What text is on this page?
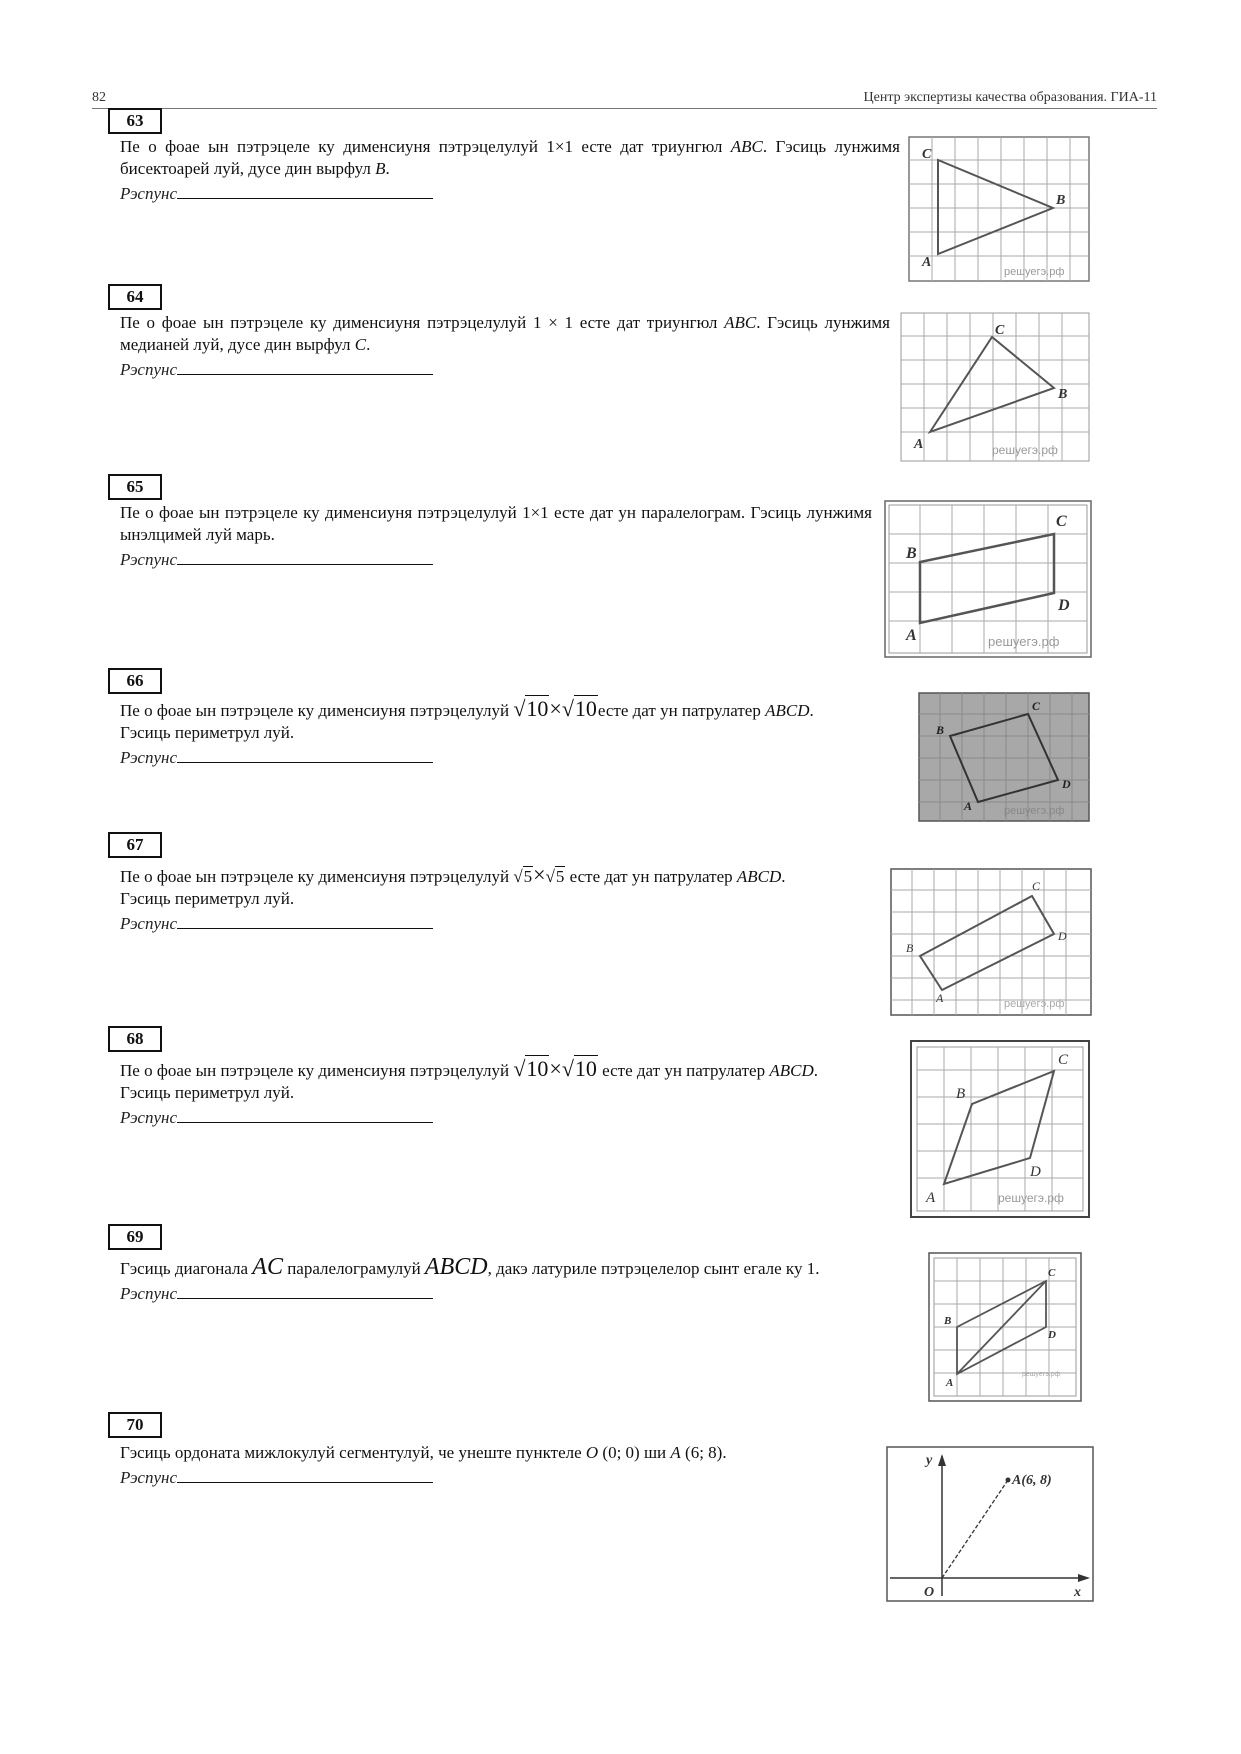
82	Центр экспертизы качества образования. ГИА-11
63
Пе о фоае ын пэтрэцеле ку дименсиуня пэтрэцелулуй 1×1 есте дат триунгюл ABC. Гэсиць лунжимя бисектоарей луй, дусе дин вырфул B.
Рэспунс
C
A
B
решуегэ.рф
64
Пе о фоае ын пэтрэцеле ку дименсиуня пэтрэцелулуй 1 × 1 есте дат триунгюл ABC. Гэсиць лунжимя медианей луй, дусе дин вырфул C.
Рэспунс
C
A
B
решуегэ.рф
65
Пе о фоае ын пэтрэцеле ку дименсиуня пэтрэцелулуй 1×1 есте дат ун паралелограм. Гэсиць лунжимя ынэлцимей луй марь.
Рэспунс
C
B
D
A	решуегэ.рф
66
Пе о фоае ын пэтрэцеле ку дименсиуня пэтрэцелулуй √10×√10есте дат ун патрулатер ABCD. Гэсиць периметрул луй.
Рэспунс
C
B
D
A	решуегэ.рф
67
Пе о фоае ын пэтрэцеле ку дименсиуня пэтрэцелулуй √5×√5 есте дат ун патрулатер ABCD. Гэсиць периметрул луй.
Рэспунс
C
B
D
A	решуегэ.рф
68
Пе о фоае ын пэтрэцеле ку дименсиуня пэтрэцелулуй √10×√10 есте дат ун патрулатер ABCD. Гэсиць периметрул луй.
Рэспунс
C
B
D
A	решуегэ.рф
69
Гэсиць диагонала AC паралелограмулуй ABCD, дакэ латуриле пэтрэцелелор сынт егале ку 1.
Рэспунс
C
B
D
A
решуегэ.рф
70
Гэсиць ордоната мижлокулуй сегментулуй, че унеште пунктеле O (0; 0) ши A (6; 8).
Рэспунс
y
x
O
A(6, 8)
